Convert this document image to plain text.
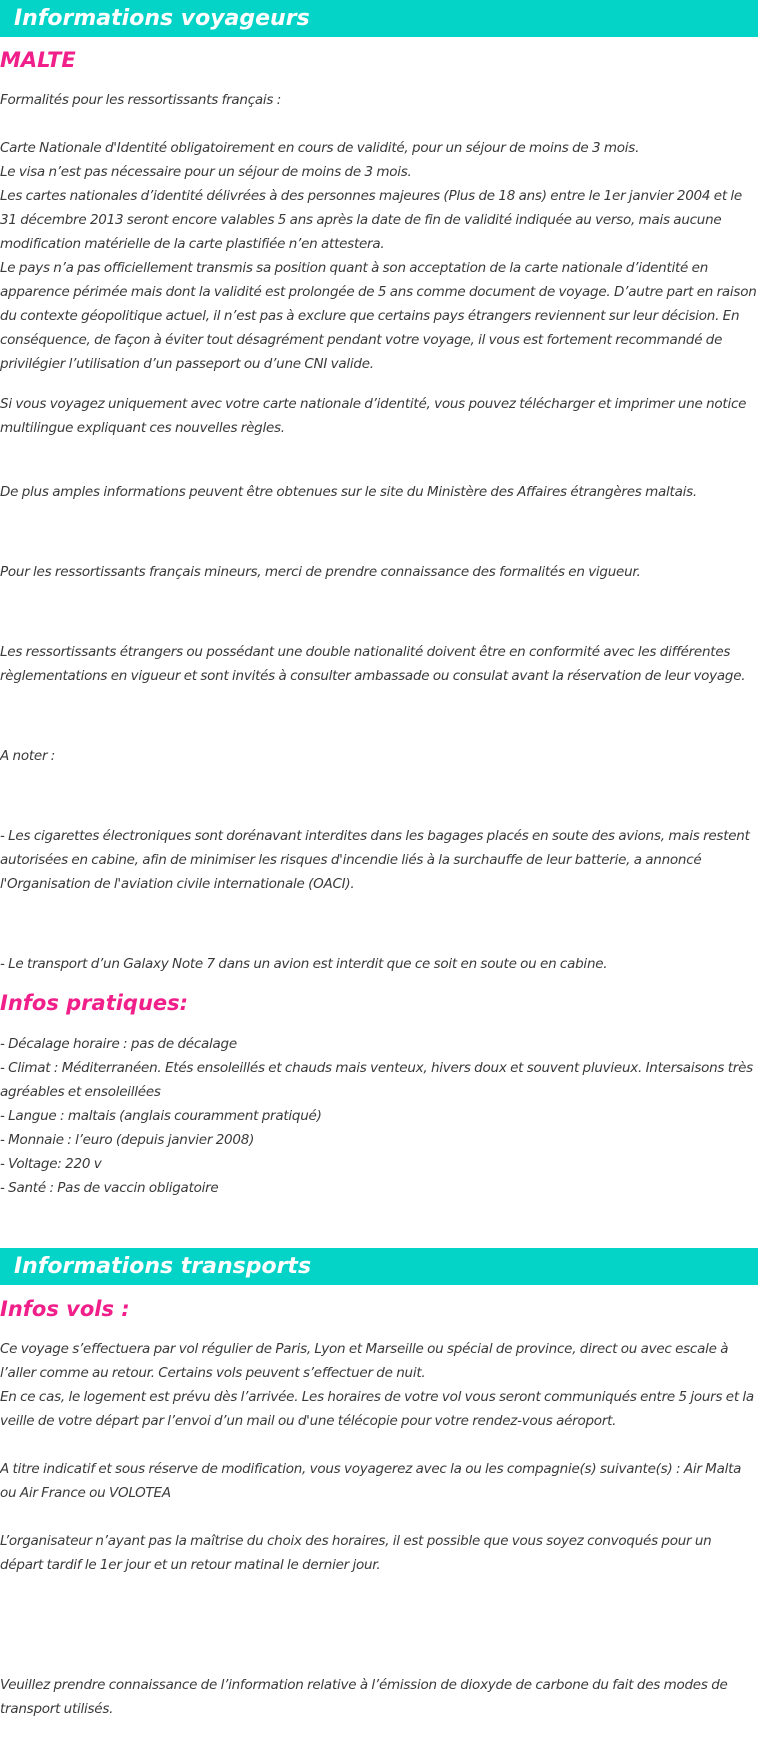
Informations voyageurs
MALTE

Formalités pour les ressortissants français :

Carte Nationale d'Identité obligatoirement en cours de validité, pour un séjour de moins de 3 mois.
Le visa n’est pas nécessaire pour un séjour de moins de 3 mois.
Les cartes nationales d’identité délivrées à des personnes majeures (Plus de 18 ans) entre le 1er janvier 2004 et le 31 décembre 2013 seront encore valables 5 ans après la date de fin de validité indiquée au verso, mais aucune modification matérielle de la carte plastifiée n’en attestera.
Le pays n’a pas officiellement transmis sa position quant à son acceptation de la carte nationale d’identité en apparence périmée mais dont la validité est prolongée de 5 ans comme document de voyage. D’autre part en raison du contexte géopolitique actuel, il n’est pas à exclure que certains pays étrangers reviennent sur leur décision. En conséquence, de façon à éviter tout désagrément pendant votre voyage, il vous est fortement recommandé de privilégier l’utilisation d’un passeport ou d’une CNI valide.

Si vous voyagez uniquement avec votre carte nationale d’identité, vous pouvez télécharger et imprimer une notice multilingue expliquant ces nouvelles règles.

De plus amples informations peuvent être obtenues sur le site du Ministère des Affaires étrangères maltais.

Pour les ressortissants français mineurs, merci de prendre connaissance des formalités en vigueur.

Les ressortissants étrangers ou possédant une double nationalité doivent être en conformité avec les différentes règlementations en vigueur et sont invités à consulter ambassade ou consulat avant la réservation de leur voyage.

A noter :

- Les cigarettes électroniques sont dorénavant interdites dans les bagages placés en soute des avions, mais restent autorisées en cabine, afin de minimiser les risques d'incendie liés à la surchauffe de leur batterie, a annoncé l'Organisation de l'aviation civile internationale (OACI).

- Le transport d’un Galaxy Note 7 dans un avion est interdit que ce soit en soute ou en cabine.

Infos pratiques:

- Décalage horaire : pas de décalage
- Climat : Méditerranéen. Etés ensoleillés et chauds mais venteux, hivers doux et souvent pluvieux. Intersaisons très agréables et ensoleillées
- Langue : maltais (anglais couramment pratiqué)
- Monnaie : l’euro (depuis janvier 2008)
- Voltage: 220 v
- Santé : Pas de vaccin obligatoire

Informations transports
Infos vols :

Ce voyage s’effectuera par vol régulier de Paris, Lyon et Marseille ou spécial de province, direct ou avec escale à l’aller comme au retour. Certains vols peuvent s’effectuer de nuit.
En ce cas, le logement est prévu dès l’arrivée. Les horaires de votre vol vous seront communiqués entre 5 jours et la veille de votre départ par l’envoi d’un mail ou d'une télécopie pour votre rendez-vous aéroport.

A titre indicatif et sous réserve de modification, vous voyagerez avec la ou les compagnie(s) suivante(s) : Air Malta ou Air France ou VOLOTEA

L’organisateur n’ayant pas la maîtrise du choix des horaires, il est possible que vous soyez convoqués pour un départ tardif le 1er jour et un retour matinal le dernier jour.

Veuillez prendre connaissance de l’information relative à l’émission de dioxyde de carbone du fait des modes de transport utilisés.
